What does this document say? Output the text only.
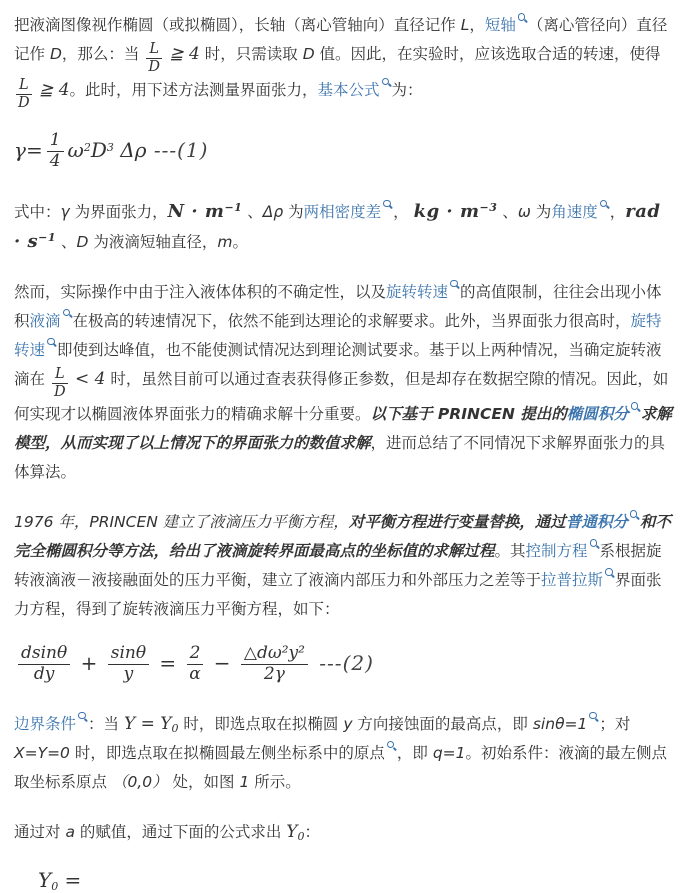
把液滴图像视作椭圆（或拟椭圆），长轴（离心管轴向）直径记作 L，短轴 （离心管径向）直径记作 D，那么：当 $\frac{L}{D}$ ≧ 4 时，只需读取 D 值。因此，在实验时，应该选取合适的转速，使得
$\frac{L}{D}$ ≧ 4。此时，用下述方法测量界面张力，基本公式 为：

$\gamma= \frac{1}{4} \omega^2D^3$ Δρ ---(1)

式中：γ 为界面张力，$N \cdot m^{-1}$ 、Δρ 为两相密度差 ， kg · $m^{-3}$ 、ω 为角速度 ，rad · $s^{-1}$ 、D 为液滴短轴直径，m。

然而，实际操作中由于注入液体体积的不确定性，以及旋转转速 的高值限制，往往会出现小体积液滴 在极高的转速情况下，依然不能到达理论的求解要求。此外，当界面张力很高时，旋特转速 即使到达峰值，也不能使测试情况达到理论测试要求。基于以上两种情况，当确定旋转液滴在 $\frac{L}{D} < 4$ 时，虽然目前可以通过查表获得修正参数，但是却存在数据空隙的情况。因此，如何实现才以椭圆液体界面张力的精确求解十分重要。以下基于 PRINCEN 提出的椭圆积分 求解模型，从而实现了以上情况下的界面张力的数值求解，进而总结了不同情况下求解界面张力的具体算法。

1976 年，PRINCEN 建立了液滴压力平衡方程，对平衡方程进行变量替换，通过普通积分 和不完全椭圆积分等方法，给出了液滴旋转界面最高点的坐标值的求解过程。其控制方程 系根据旋转液滴液－液接融面处的压力平衡，建立了液滴内部压力和外部压力之差等于拉普拉斯 界面张力方程，得到了旋转液滴压力平衡方程，如下：

$\frac{dsin\theta}{dy} + \frac{\sin\theta}{y} = \frac{2}{\alpha} - \frac{\text{△dω²y²}}{2\gamma} ---(2)$

边界条件 ：当 $Y = Y_0$ 时，即选点取在拟椭圆 y 方向接蚀面的最高点，即 sinθ=1 ；对 X=Y=0 时，即选点取在拟椭圆最左侧坐标系中的原点 ，即 q=1。初始系件：液滴的最左侧点取坐标系原点 （0,0） 处，如图 1 所示。

通过对 a 的赋值，通过下面的公式求出 $Y_0$：

$Y_0$ =
